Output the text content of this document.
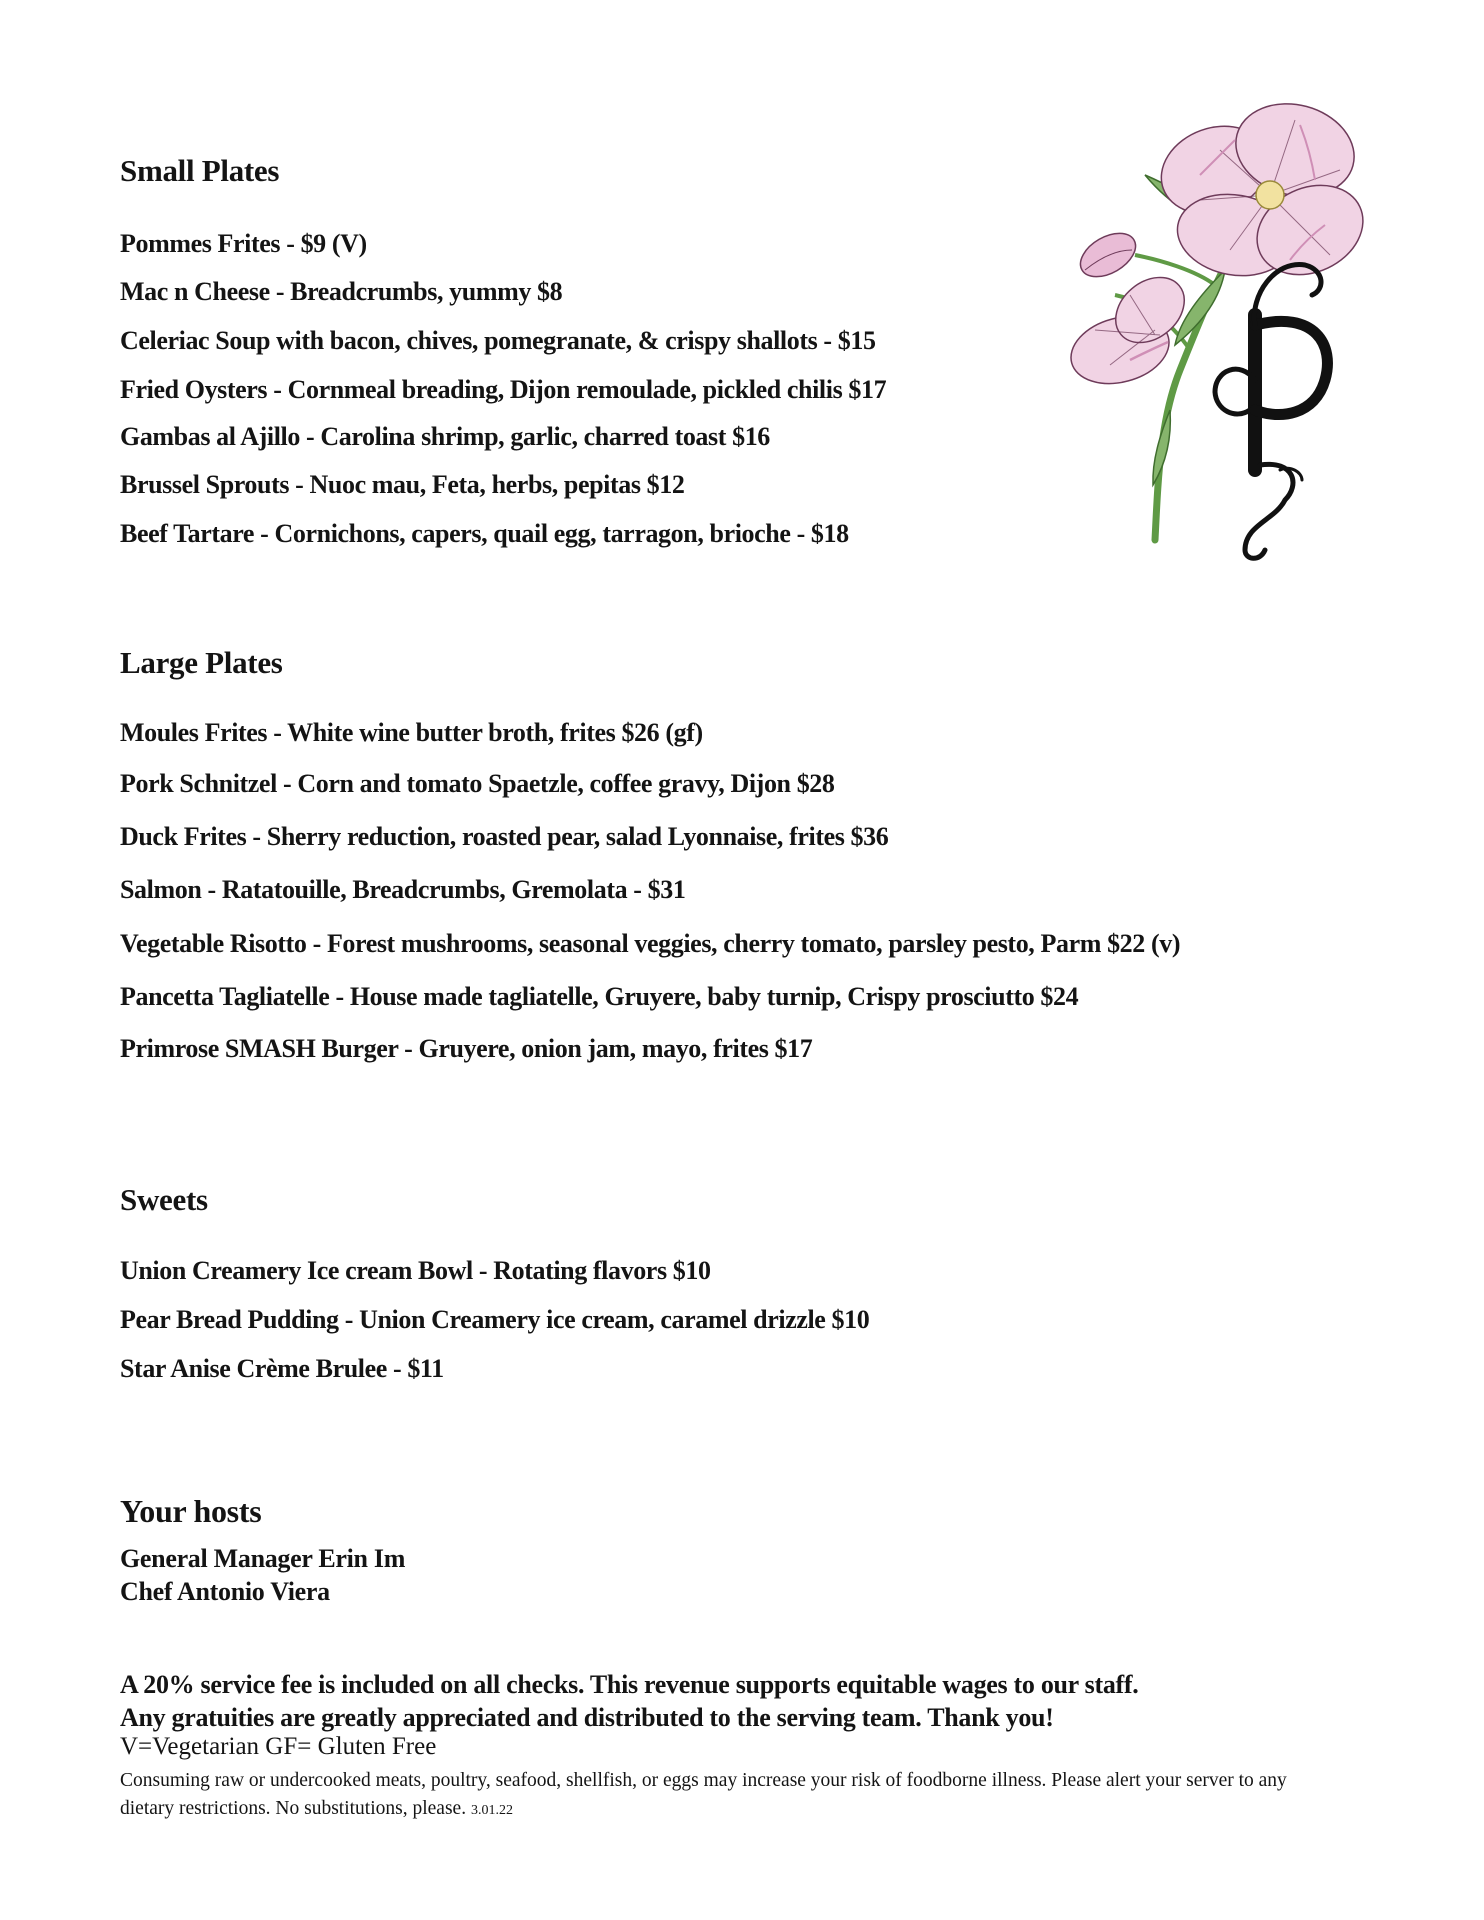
Small Plates

Pommes Frites - $9 (V)

Mac n Cheese - Breadcrumbs, yummy $8

Celeriac Soup with bacon, chives, pomegranate, & crispy shallots - $15

Fried Oysters - Cornmeal breading, Dijon remoulade, pickled chilis $17

Gambas al Ajillo - Carolina shrimp, garlic, charred toast $16

Brussel Sprouts - Nuoc mau, Feta, herbs, pepitas $12

Beef Tartare - Cornichons, capers, quail egg, tarragon, brioche - $18

Large Plates

Moules Frites - White wine butter broth, frites $26 (gf)

Pork Schnitzel - Corn and tomato Spaetzle, coffee gravy, Dijon $28

Duck Frites - Sherry reduction, roasted pear, salad Lyonnaise, frites $36

Salmon - Ratatouille, Breadcrumbs, Gremolata - $31

Vegetable Risotto - Forest mushrooms, seasonal veggies, cherry tomato, parsley pesto, Parm $22 (v)

Pancetta Tagliatelle - House made tagliatelle, Gruyere, baby turnip, Crispy prosciutto $24

Primrose SMASH Burger - Gruyere, onion jam, mayo, frites $17

Sweets

Union Creamery Ice cream Bowl - Rotating flavors $10

Pear Bread Pudding - Union Creamery ice cream, caramel drizzle $10

Star Anise Crème Brulee - $11

Your hosts

General Manager Erin Im

Chef Antonio Viera

A 20% service fee is included on all checks. This revenue supports equitable wages to our staff.

Any gratuities are greatly appreciated and distributed to the serving team. Thank you!

V=Vegetarian GF= Gluten Free

Consuming raw or undercooked meats, poultry, seafood, shellfish, or eggs may increase your risk of foodborne illness. Please alert your server to any dietary restrictions. No substitutions, please. 3.01.22
